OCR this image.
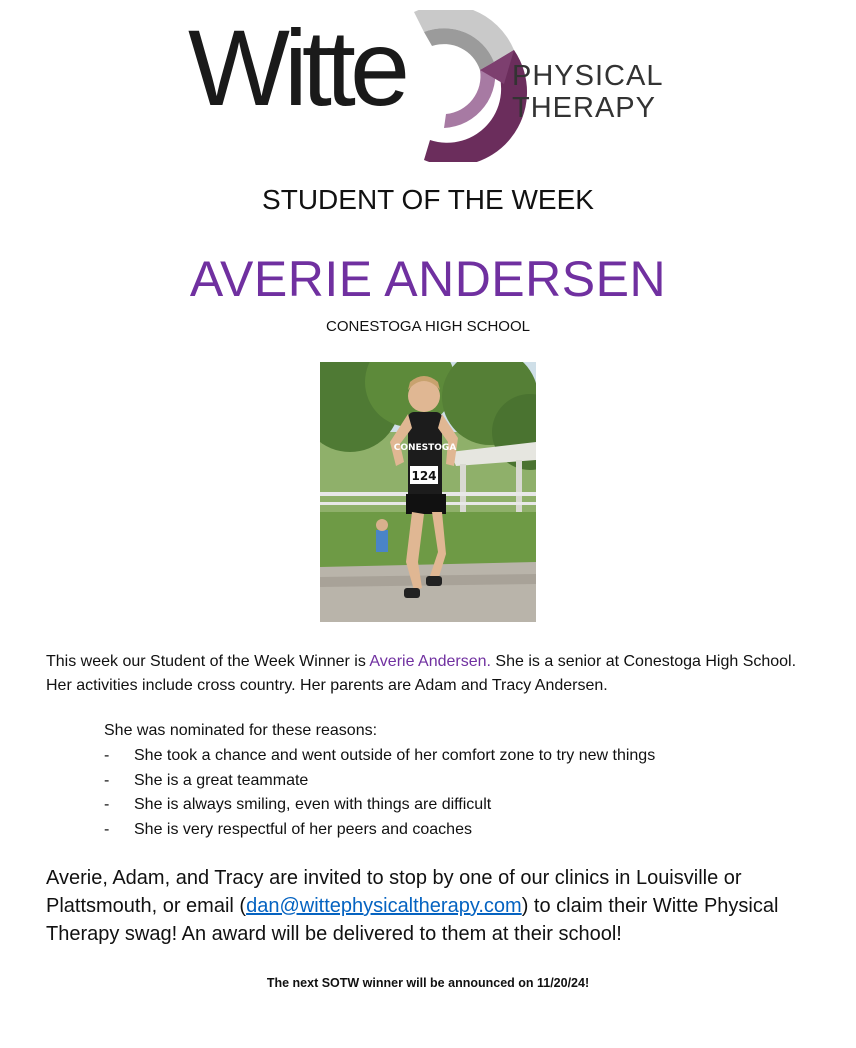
Witte	PHYSICAL
THERAPY
STUDENT OF THE WEEK
AVERIE ANDERSEN
CONESTOGA HIGH SCHOOL
CONESTOGA
124
This week our Student of the Week Winner is Averie Andersen. She is a senior at Conestoga High School. Her activities include cross country. Her parents are Adam and Tracy Andersen.
She was nominated for these reasons:
- She took a chance and went outside of her comfort zone to try new things
- She is a great teammate
- She is always smiling, even with things are difficult
- She is very respectful of her peers and coaches
Averie, Adam, and Tracy are invited to stop by one of our clinics in Louisville or Plattsmouth, or email (dan@wittephysicaltherapy.com) to claim their Witte Physical Therapy swag! An award will be delivered to them at their school!
The next SOTW winner will be announced on 11/20/24!
